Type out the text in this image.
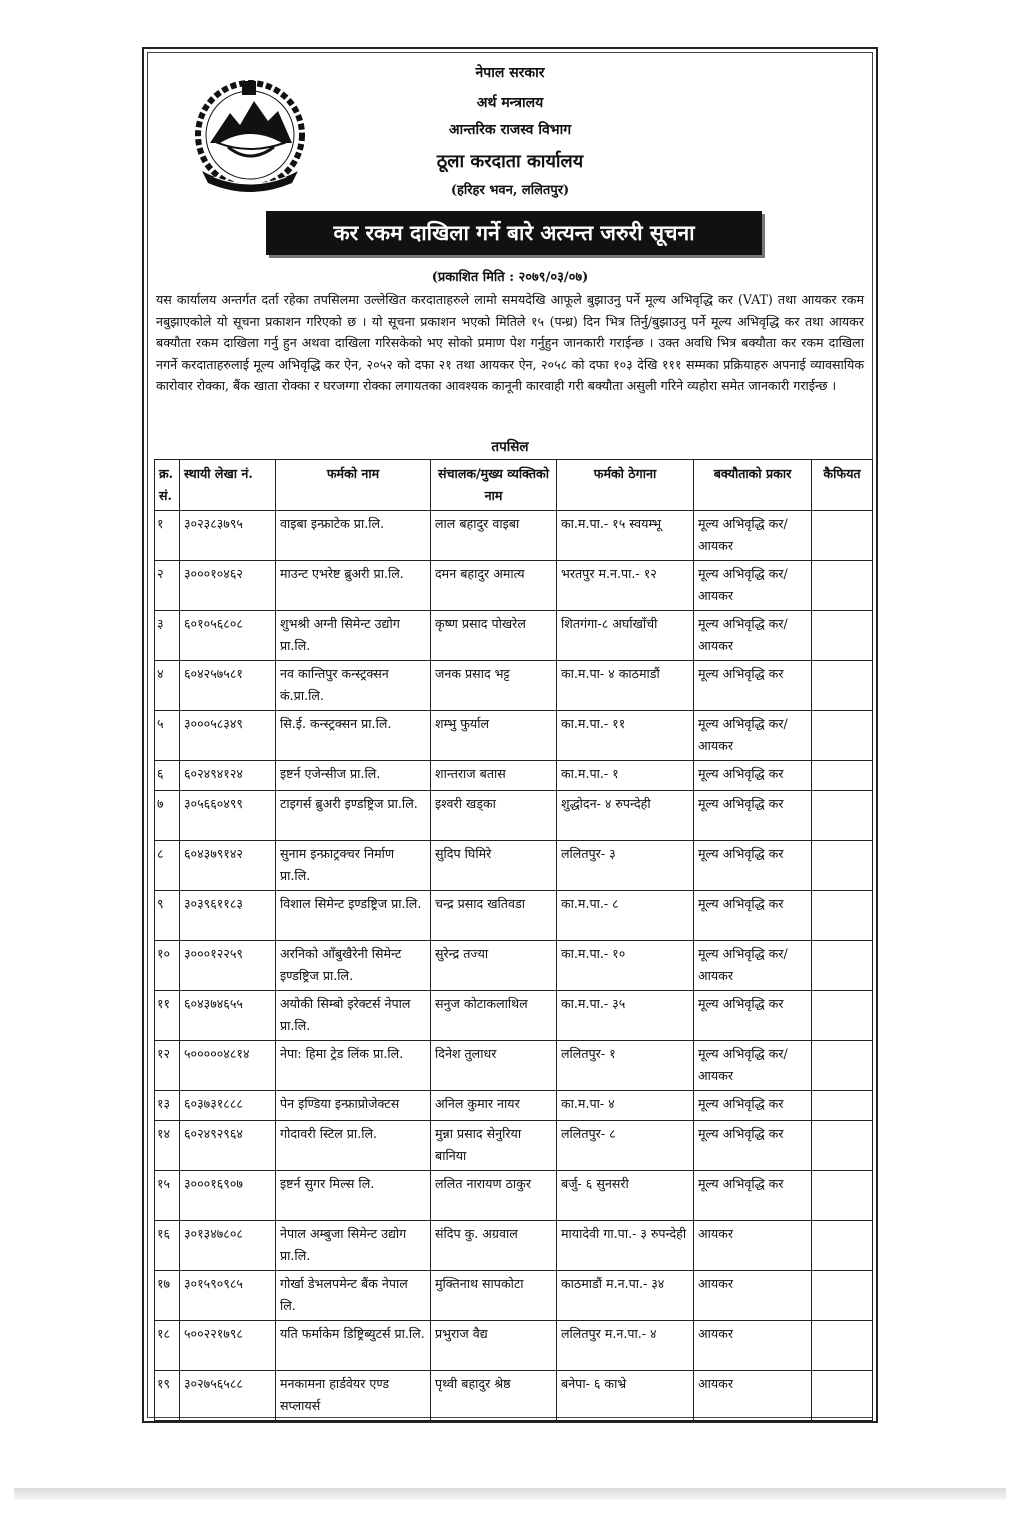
नेपाल सरकार
अर्थ मन्त्रालय
आन्तरिक राजस्व विभाग
ठूला करदाता कार्यालय
(हरिहर भवन, ललितपुर)
कर रकम दाखिला गर्ने बारे अत्यन्त जरुरी सूचना
(प्रकाशित मिति : २०७९/०३/०७)

यस कार्यालय अन्तर्गत दर्ता रहेका तपसिलमा उल्लेखित करदाताहरुले लामो समयदेखि आफूले बुझाउनु पर्ने मूल्य अभिवृद्धि कर (VAT) तथा आयकर रकम नबुझाएकोले यो सूचना प्रकाशन गरिएको छ । यो सूचना प्रकाशन भएको मितिले १५ (पन्ध्र) दिन भित्र तिर्नु/बुझाउनु पर्ने मूल्य अभिवृद्धि कर तथा आयकर बक्यौता रकम दाखिला गर्नु हुन अथवा दाखिला गरिसकेको भए सोको प्रमाण पेश गर्नुहुन जानकारी गराईन्छ । उक्त अवधि भित्र बक्यौता कर रकम दाखिला नगर्ने करदाताहरुलाई मूल्य अभिवृद्धि कर ऐन, २०५२ को दफा २१ तथा आयकर ऐन, २०५८ को दफा १०३ देखि १११ सम्मका प्रक्रियाहरु अपनाई व्यावसायिक कारोवार रोक्का, बैंक खाता रोक्का र घरजग्गा रोक्का लगायतका आवश्यक कानूनी कारवाही गरी बक्यौता असुली गरिने व्यहोरा समेत जानकारी गराईन्छ ।

तपसिल
क्र. सं.	स्थायी लेखा नं.	फर्मको नाम	संचालक/मुख्य व्यक्तिको नाम	फर्मको ठेगाना	बक्यौताको प्रकार	कैफियत
१	३०२३८३७९५	वाइबा इन्फ्राटेक प्रा.लि.	लाल बहादुर वाइबा	का.म.पा.- १५ स्वयम्भू	मूल्य अभिवृद्धि कर/ आयकर	
२	३०००१०४६२	माउन्ट एभरेष्ट ब्रुअरी प्रा.लि.	दमन बहादुर अमात्य	भरतपुर म.न.पा.- १२	मूल्य अभिवृद्धि कर/ आयकर	
३	६०१०५६८०८	शुभश्री अग्नी सिमेन्ट उद्योग प्रा.लि.	कृष्ण प्रसाद पोखरेल	शितगंगा-८ अर्घाखाँची	मूल्य अभिवृद्धि कर/ आयकर	
४	६०४२५७५८१	नव कान्तिपुर कन्स्ट्रक्सन कं.प्रा.लि.	जनक प्रसाद भट्ट	का.म.पा- ४ काठमाडौं	मूल्य अभिवृद्धि कर	
५	३०००५८३४९	सि.ई. कन्स्ट्रक्सन प्रा.लि.	शम्भु फुर्याल	का.म.पा.- ११	मूल्य अभिवृद्धि कर/ आयकर	
६	६०२४९४१२४	इष्टर्न एजेन्सीज प्रा.लि.	शान्तराज बतास	का.म.पा.- १	मूल्य अभिवृद्धि कर	
७	३०५६६०४९९	टाइगर्स ब्रुअरी इण्डष्ट्रिज प्रा.लि.	इश्वरी खड्का	शुद्धोदन- ४ रुपन्देही	मूल्य अभिवृद्धि कर	
८	६०४३७९१४२	सुनाम इन्फ्राट्रक्चर निर्माण प्रा.लि.	सुदिप घिमिरे	ललितपुर- ३	मूल्य अभिवृद्धि कर	
९	३०३९६११८३	विशाल सिमेन्ट इण्डष्ट्रिज प्रा.लि.	चन्द्र प्रसाद खतिवडा	का.म.पा.- ८	मूल्य अभिवृद्धि कर	
१०	३०००१२२५९	अरनिको आँबुखैरेनी सिमेन्ट इण्डष्ट्रिज प्रा.लि.	सुरेन्द्र तज्या	का.म.पा.- १०	मूल्य अभिवृद्धि कर/ आयकर	
११	६०४३७४६५५	अयोकी सिम्बो इरेक्टर्स नेपाल प्रा.लि.	सनुज कोटाकलाथिल	का.म.पा.- ३५	मूल्य अभिवृद्धि कर	
१२	५०००००४८१४	नेपा: हिमा ट्रेड लिंक प्रा.लि.	दिनेश तुलाधर	ललितपुर- १	मूल्य अभिवृद्धि कर/ आयकर	
१३	६०३७३१८८८	पेन इण्डिया इन्फ्राप्रोजेक्टस	अनिल कुमार नायर	का.म.पा- ४	मूल्य अभिवृद्धि कर	
१४	६०२४९२९६४	गोदावरी स्टिल प्रा.लि.	मुन्ना प्रसाद सेनुरिया बानिया	ललितपुर- ८	मूल्य अभिवृद्धि कर	
१५	३०००१६९०७	इष्टर्न सुगर मिल्स लि.	ललित नारायण ठाकुर	बर्जु- ६ सुनसरी	मूल्य अभिवृद्धि कर	
१६	३०१३४७८०८	नेपाल अम्बुजा सिमेन्ट उद्योग प्रा.लि.	संदिप कु. अग्रवाल	मायादेवी गा.पा.- ३ रुपन्देही	आयकर	
१७	३०१५९०९८५	गोर्खा डेभलपमेन्ट बैंक नेपाल लि.	मुक्तिनाथ सापकोटा	काठमाडौं म.न.पा.- ३४	आयकर	
१८	५००२२१७९८	यति फर्माकेम डिष्ट्रिब्युटर्स प्रा.लि.	प्रभुराज वैद्य	ललितपुर म.न.पा.- ४	आयकर	
१९	३०२७५६५८८	मनकामना हार्डवेयर एण्ड सप्लायर्स	पृथ्वी बहादुर श्रेष्ठ	बनेपा- ६ काभ्रे	आयकर	
